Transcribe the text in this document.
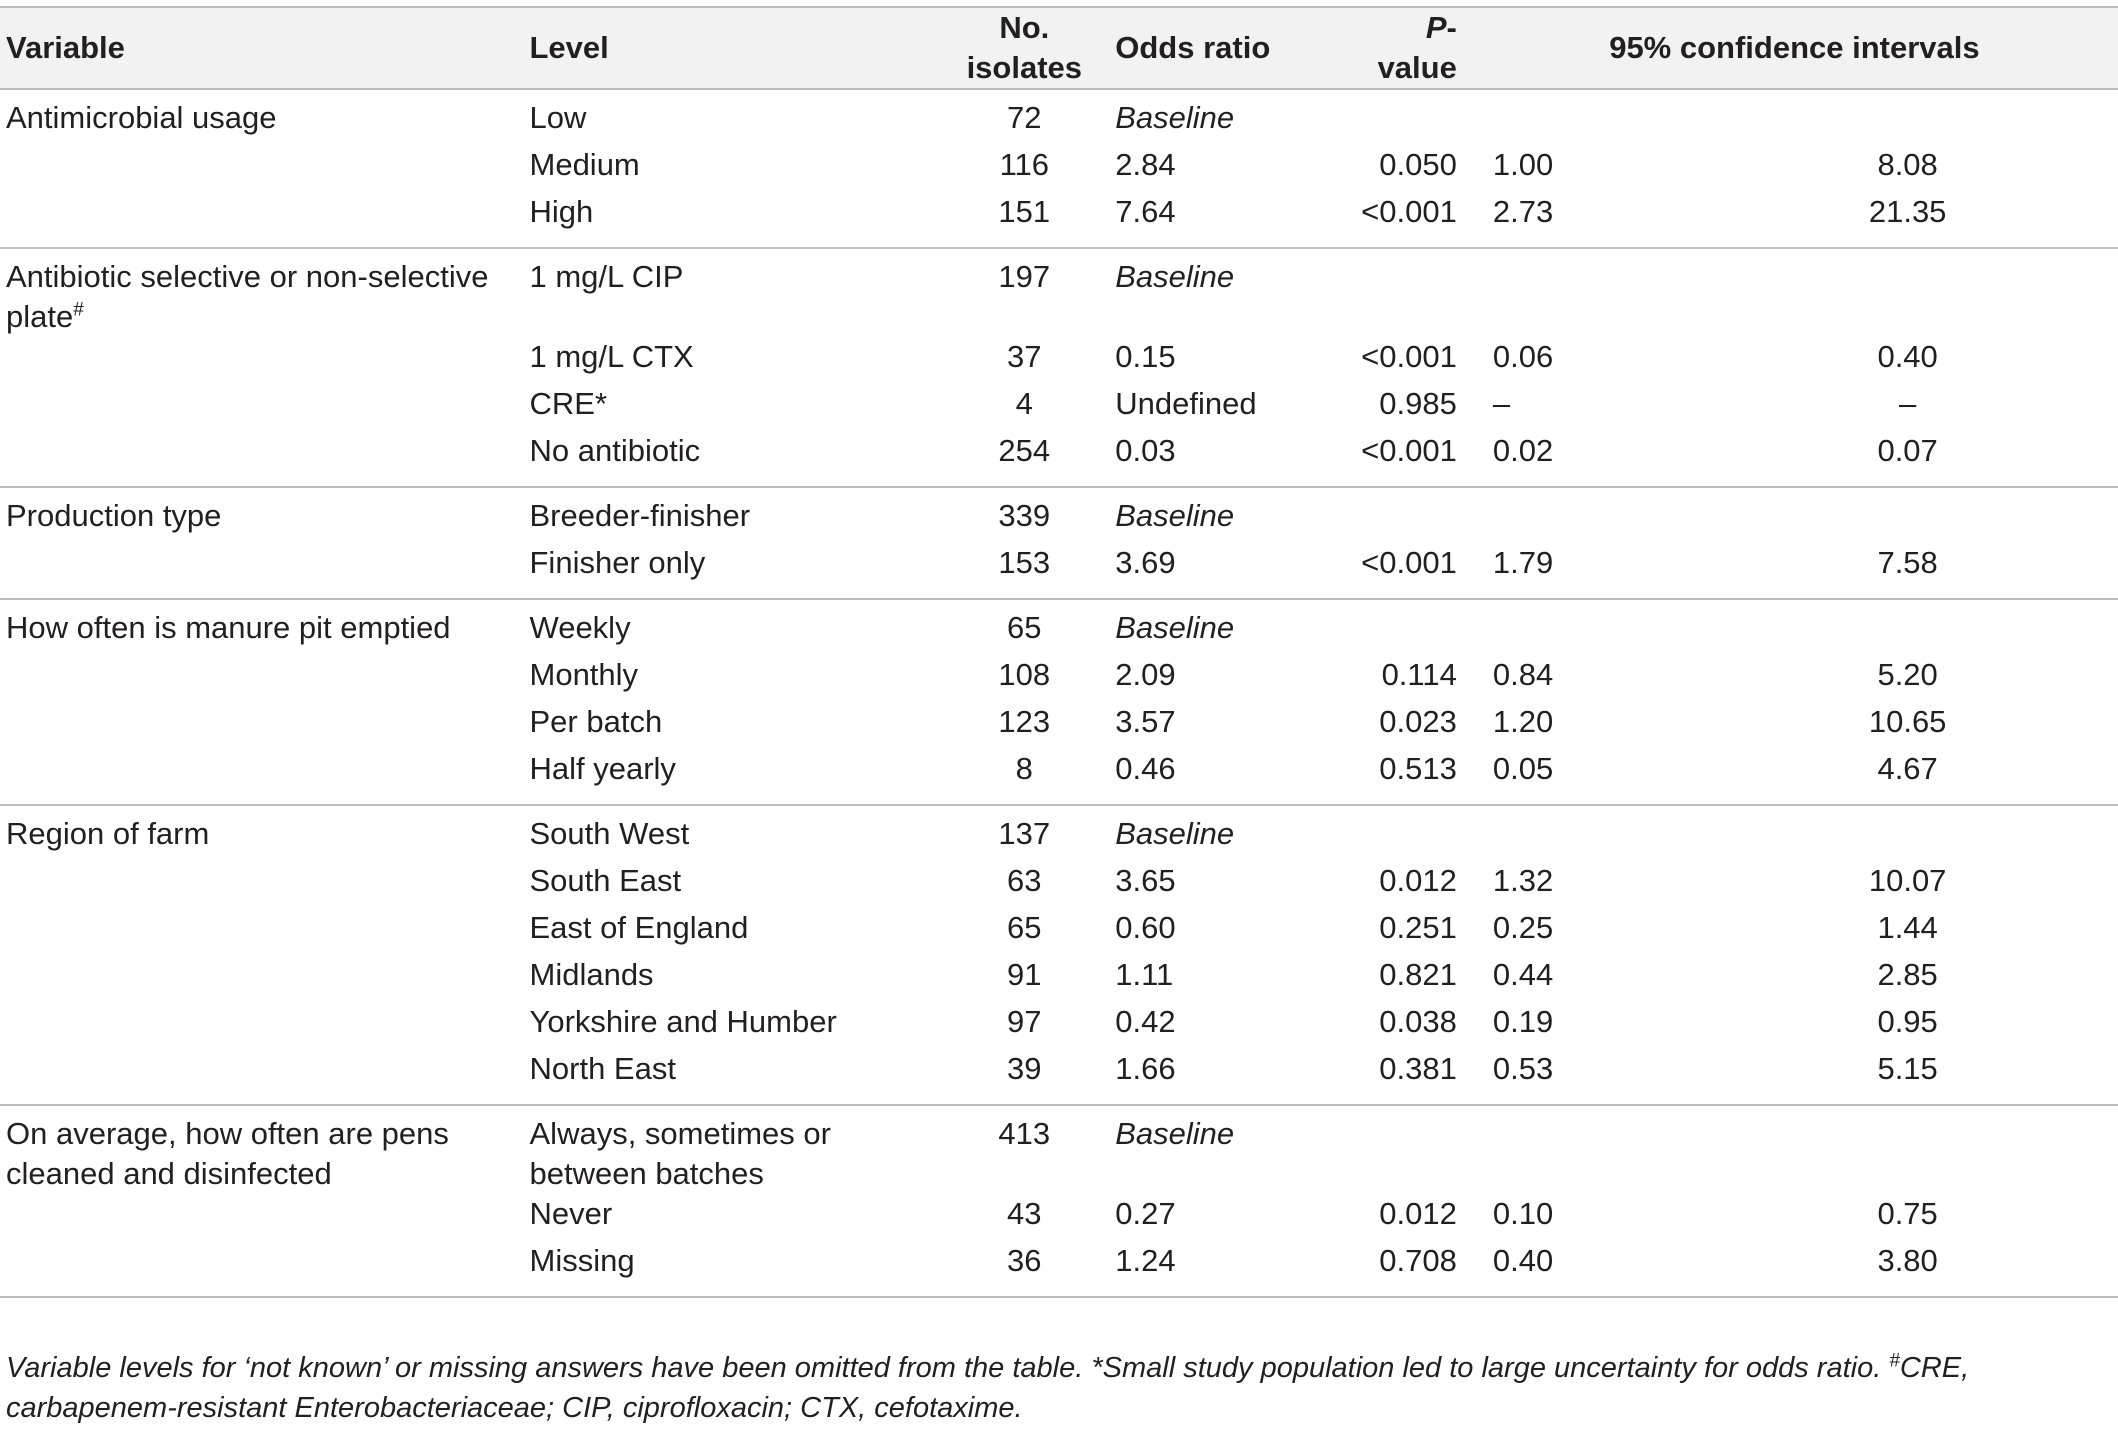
Variable	Level	No. isolates	Odds ratio	P-value	95% confidence intervals	
Antimicrobial usage	Low	72	Baseline			
	Medium	116	2.84	0.050	1.00	8.08
	High	151	7.64	<0.001	2.73	21.35
Antibiotic selective or non-selective plate#	1 mg/L CIP	197	Baseline			
	1 mg/L CTX	37	0.15	<0.001	0.06	0.40
	CRE*	4	Undefined	0.985	–	–
	No antibiotic	254	0.03	<0.001	0.02	0.07
Production type	Breeder-finisher	339	Baseline			
	Finisher only	153	3.69	<0.001	1.79	7.58
How often is manure pit emptied	Weekly	65	Baseline			
	Monthly	108	2.09	0.114	0.84	5.20
	Per batch	123	3.57	0.023	1.20	10.65
	Half yearly	8	0.46	0.513	0.05	4.67
Region of farm	South West	137	Baseline			
	South East	63	3.65	0.012	1.32	10.07
	East of England	65	0.60	0.251	0.25	1.44
	Midlands	91	1.11	0.821	0.44	2.85
	Yorkshire and Humber	97	0.42	0.038	0.19	0.95
	North East	39	1.66	0.381	0.53	5.15
On average, how often are pens cleaned and disinfected	Always, sometimes or between batches	413	Baseline			
	Never	43	0.27	0.012	0.10	0.75
	Missing	36	1.24	0.708	0.40	3.80
Variable levels for ‘not known’ or missing answers have been omitted from the table. *Small study population led to large uncertainty for odds ratio. #CRE, carbapenem-resistant Enterobacteriaceae; CIP, ciprofloxacin; CTX, cefotaxime.
